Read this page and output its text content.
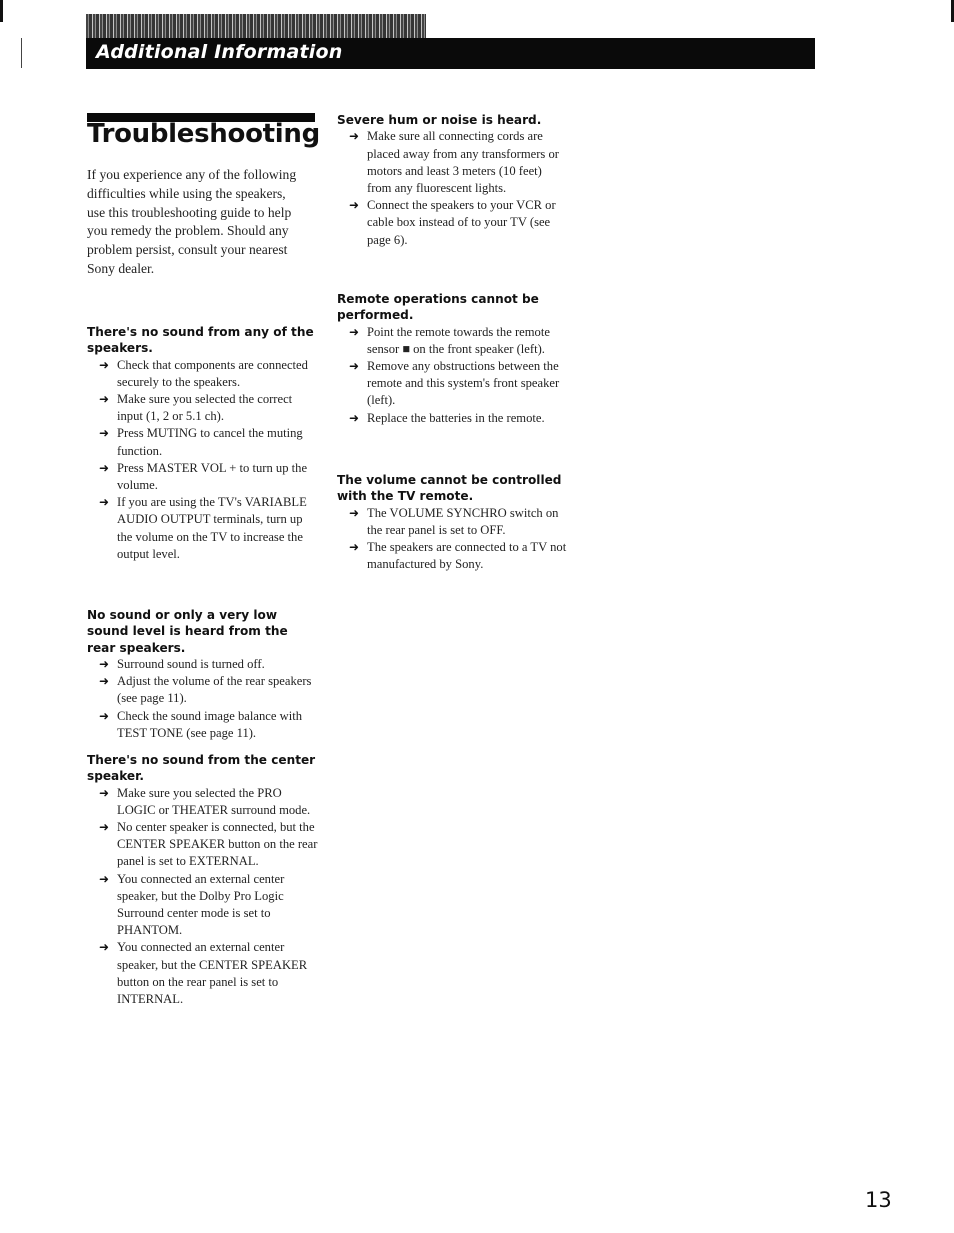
Additional Information
Troubleshooting
If you experience any of the following difficulties while using the speakers, use this troubleshooting guide to help you remedy the problem. Should any problem persist, consult your nearest Sony dealer.

There's no sound from any of the speakers.

➜ Check that components are connected securely to the speakers.
➜ Make sure you selected the correct input (1, 2 or 5.1 ch).
➜ Press MUTING to cancel the muting function.
➜ Press MASTER VOL + to turn up the volume.
➜ If you are using the TV's VARIABLE AUDIO OUTPUT terminals, turn up the volume on the TV to increase the output level.

No sound or only a very low sound level is heard from the rear speakers.

➜ Surround sound is turned off.
➜ Adjust the volume of the rear speakers (see page 11).
➜ Check the sound image balance with TEST TONE (see page 11).

There's no sound from the center speaker.

➜ Make sure you selected the PRO LOGIC or THEATER surround mode.
➜ No center speaker is connected, but the CENTER SPEAKER button on the rear panel is set to EXTERNAL.
➜ You connected an external center speaker, but the Dolby Pro Logic Surround center mode is set to PHANTOM.
➜ You connected an external center speaker, but the CENTER SPEAKER button on the rear panel is set to INTERNAL.

Severe hum or noise is heard.

➜ Make sure all connecting cords are placed away from any transformers or motors and least 3 meters (10 feet) from any fluorescent lights.
➜ Connect the speakers to your VCR or cable box instead of to your TV (see page 6).

Remote operations cannot be performed.

➜ Point the remote towards the remote sensor ■ on the front speaker (left).
➜ Remove any obstructions between the remote and this system's front speaker (left).
➜ Replace the batteries in the remote.

The volume cannot be controlled with the TV remote.

➜ The VOLUME SYNCHRO switch on the rear panel is set to OFF.
➜ The speakers are connected to a TV not manufactured by Sony.
13
